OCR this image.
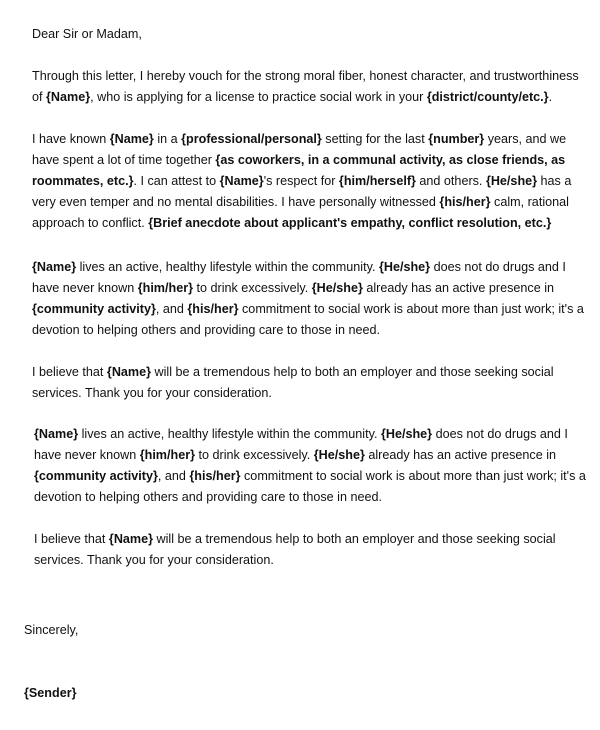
Dear Sir or Madam,

Through this letter, I hereby vouch for the strong moral fiber, honest character, and trustworthiness
of {Name}, who is applying for a license to practice social work in your {district/county/etc.}.

I have known {Name} in a {professional/personal} setting for the last {number} years, and we
have spent a lot of time together {as coworkers, in a communal activity, as close friends, as
roommates, etc.}. I can attest to {Name}'s respect for {him/herself} and others. {He/she} has a
very even temper and no mental disabilities. I have personally witnessed {his/her} calm, rational
approach to conflict. {Brief anecdote about applicant's empathy, conflict resolution, etc.}

{Name} lives an active, healthy lifestyle within the community. {He/she} does not do drugs and I
have never known {him/her} to drink excessively. {He/she} already has an active presence in
{community activity}, and {his/her} commitment to social work is about more than just work; it's a
devotion to helping others and providing care to those in need.

I believe that {Name} will be a tremendous help to both an employer and those seeking social
services. Thank you for your consideration.

{Name} lives an active, healthy lifestyle within the community. {He/she} does not do drugs and I
have never known {him/her} to drink excessively. {He/she} already has an active presence in
{community activity}, and {his/her} commitment to social work is about more than just work; it's a
devotion to helping others and providing care to those in need.

I believe that {Name} will be a tremendous help to both an employer and those seeking social
services. Thank you for your consideration.

Sincerely,

{Sender}
